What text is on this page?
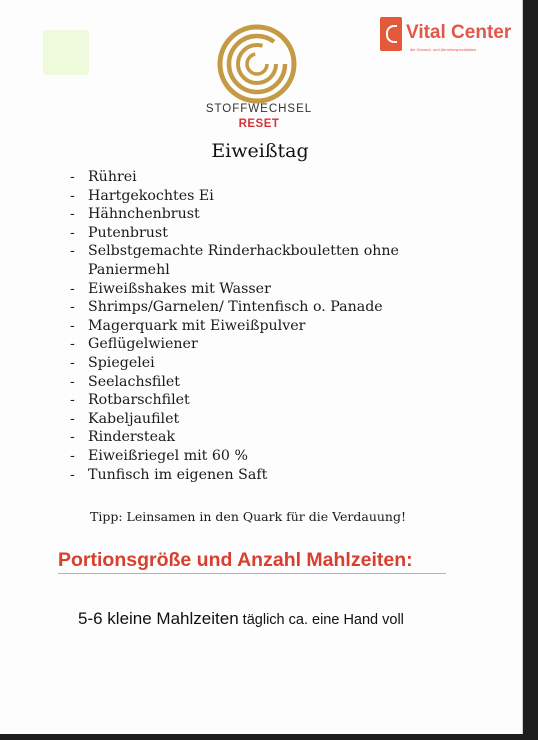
Vital Center
die Gesund- und Abnehmspezialisten
STOFFWECHSEL
RESET
Eiweißtag
- Rührei
- Hartgekochtes Ei
- Hähnchenbrust
- Putenbrust
- Selbstgemachte Rinderhackbouletten ohne Paniermehl
- Eiweißshakes mit Wasser
- Shrimps/Garnelen/ Tintenfisch o. Panade
- Magerquark mit Eiweißpulver
- Geflügelwiener
- Spiegelei
- Seelachsfilet
- Rotbarschfilet
- Kabeljaufilet
- Rindersteak
- Eiweißriegel mit 60 %
- Tunfisch im eigenen Saft
Tipp: Leinsamen in den Quark für die Verdauung!
Portionsgröße und Anzahl Mahlzeiten:
5-6 kleine Mahlzeiten täglich ca. eine Hand voll
